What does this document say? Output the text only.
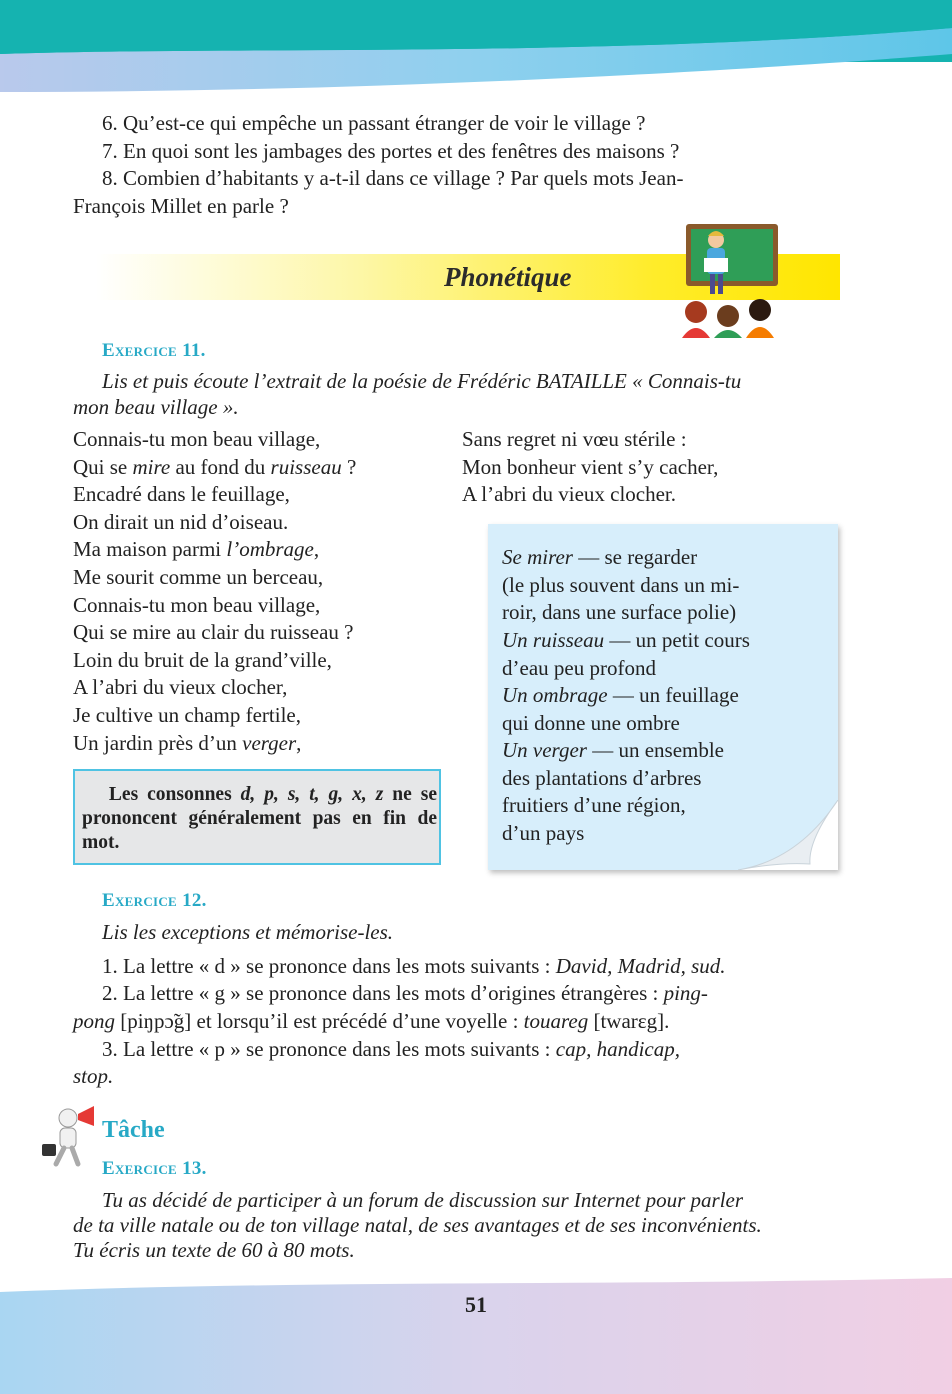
6. Qu’est-ce qui empêche un passant étranger de voir le village ?
7. En quoi sont les jambages des portes et des fenêtres des maisons ?
8. Combien d’habitants y a-t-il dans ce village ? Par quels mots Jean-
François Millet en parle ?
Phonétique
Exercice 11.
Lis et puis écoute l’extrait de la poésie de Frédéric BATAILLE « Connais-tu
mon beau village ».
Connais-tu mon beau village,
Qui se mire au fond du ruisseau ?
Encadré dans le feuillage,
On dirait un nid d’oiseau.
Ma maison parmi l’ombrage,
Me sourit comme un berceau,
Connais-tu mon beau village,
Qui se mire au clair du ruisseau ?
Loin du bruit de la grand’ville,
A l’abri du vieux clocher,
Je cultive un champ fertile,
Un jardin près d’un verger,
Sans regret ni vœu stérile :
Mon bonheur vient s’y cacher,
A l’abri du vieux clocher.
Les consonnes d, p, s, t, g, x, z ne se prononcent généralement pas en fin de mot.
Se mirer — se regarder
(le plus souvent dans un mi-
roir, dans une surface polie)
Un ruisseau — un petit cours
d’eau peu profond
Un ombrage — un feuillage
qui donne une ombre
Un verger — un ensemble
des plantations d’arbres
fruitiers d’une région,
d’un pays
Exercice 12.
Lis les exceptions et mémorise-les.
1. La lettre « d » se prononce dans les mots suivants : David, Madrid, sud.
2. La lettre « g » se prononce dans les mots d’origines étrangères : ping-
pong [piŋpɔ̃g] et lorsqu’il est précédé d’une voyelle : touareg [twarɛg].
3. La lettre « p » se prononce dans les mots suivants : cap, handicap,
stop.
Tâche
Exercice 13.
Tu as décidé de participer à un forum de discussion sur Internet pour parler
de ta ville natale ou de ton village natal, de ses avantages et de ses inconvénients.
Tu écris un texte de 60 à 80 mots.
51
